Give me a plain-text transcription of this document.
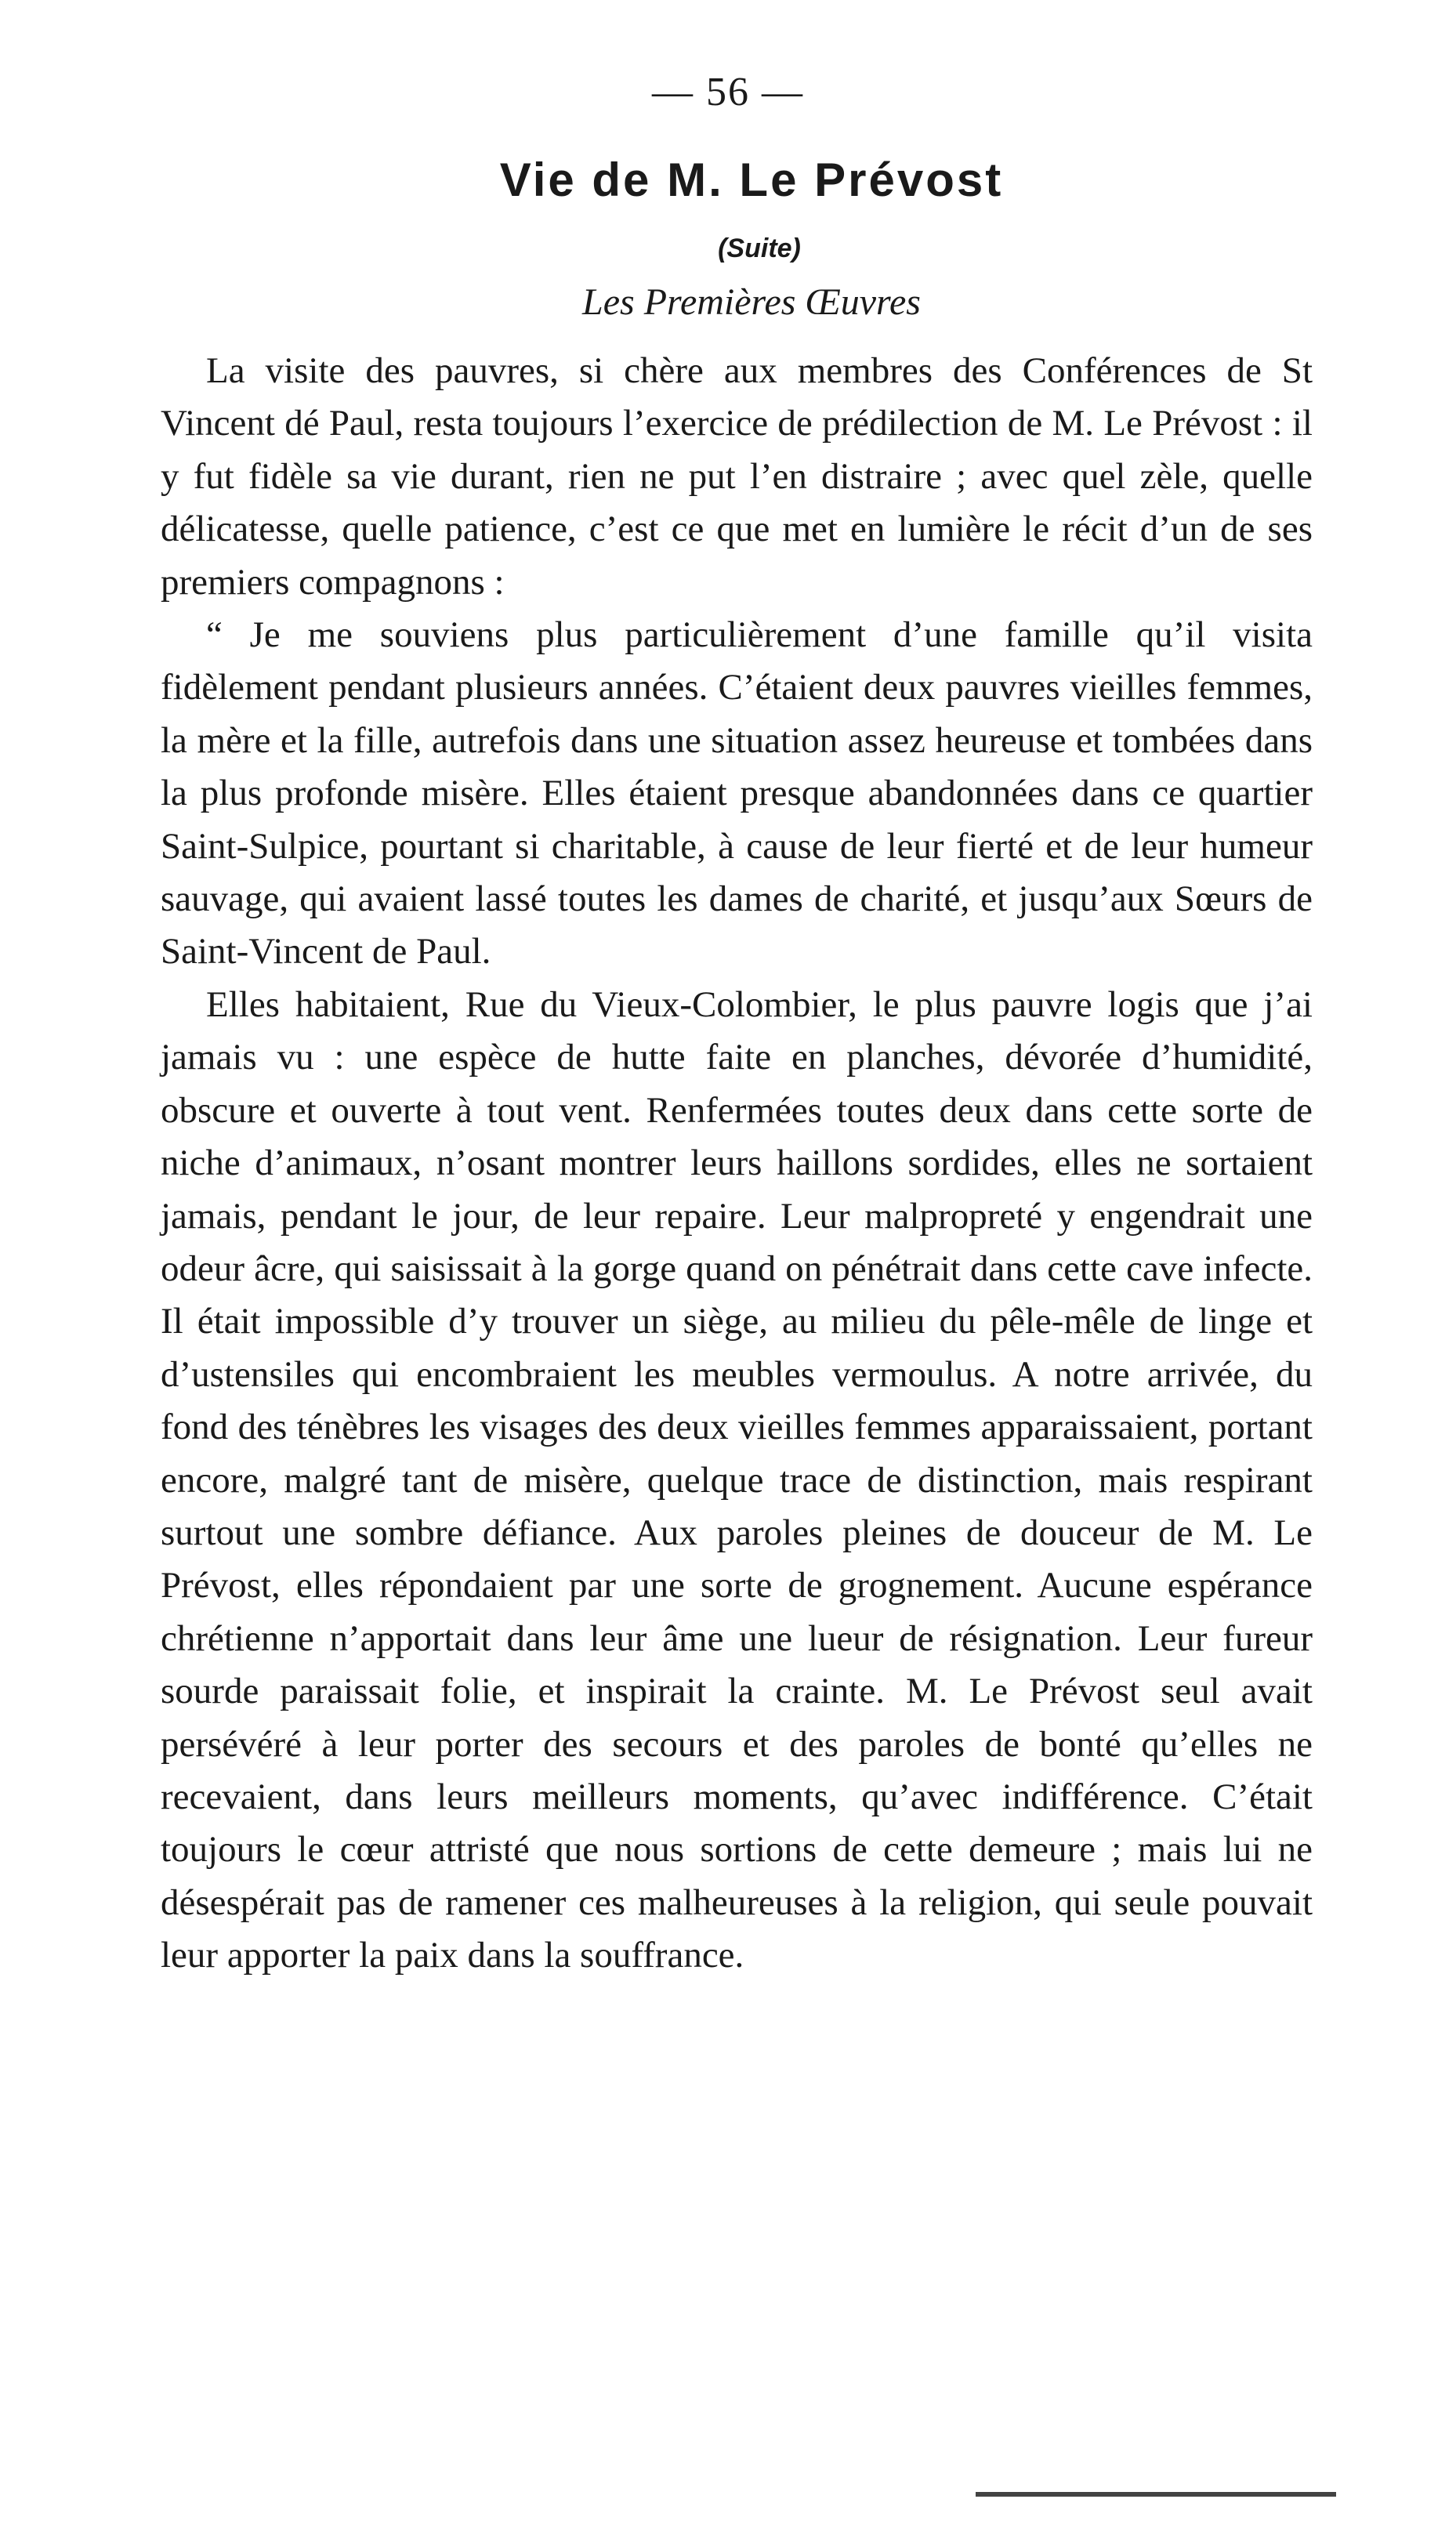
— 56 —
Vie de M. Le Prévost
(Suite)
Les Premières Œuvres

La visite des pauvres, si chère aux membres des Conférences de St Vincent dé Paul, resta toujours l’exercice de prédilection de M. Le Prévost : il y fut fidèle sa vie durant, rien ne put l’en distraire ; avec quel zèle, quelle délicatesse, quelle patience, c’est ce que met en lumière le récit d’un de ses premiers compagnons :

“ Je me souviens plus particulièrement d’une famille qu’il visita fidèlement pendant plusieurs années. C’étaient deux pauvres vieilles femmes, la mère et la fille, autrefois dans une situation assez heureuse et tombées dans la plus profonde misère. Elles étaient presque abandonnées dans ce quartier Saint-Sulpice, pourtant si charitable, à cause de leur fierté et de leur humeur sauvage, qui avaient lassé toutes les dames de charité, et jusqu’aux Sœurs de Saint-Vincent de Paul.

Elles habitaient, Rue du Vieux-Colombier, le plus pauvre logis que j’ai jamais vu : une espèce de hutte faite en planches, dévorée d’humidité, obscure et ouverte à tout vent. Renfermées toutes deux dans cette sorte de niche d’animaux, n’osant montrer leurs haillons sordides, elles ne sortaient jamais, pendant le jour, de leur repaire. Leur malpropreté y engendrait une odeur âcre, qui saisissait à la gorge quand on pénétrait dans cette cave infecte. Il était impossible d’y trouver un siège, au milieu du pêle-mêle de linge et d’ustensiles qui encombraient les meubles vermoulus. A notre arrivée, du fond des ténèbres les visages des deux vieilles femmes apparaissaient, portant encore, malgré tant de misère, quelque trace de distinction, mais respirant surtout une sombre défiance. Aux paroles pleines de douceur de M. Le Prévost, elles répondaient par une sorte de grognement. Aucune espérance chrétienne n’apportait dans leur âme une lueur de résignation. Leur fureur sourde paraissait folie, et inspirait la crainte. M. Le Prévost seul avait persévéré à leur porter des secours et des paroles de bonté qu’elles ne recevaient, dans leurs meilleurs moments, qu’avec indifférence. C’était toujours le cœur attristé que nous sortions de cette demeure ; mais lui ne désespérait pas de ramener ces malheureuses à la religion, qui seule pouvait leur apporter la paix dans la souffrance.
